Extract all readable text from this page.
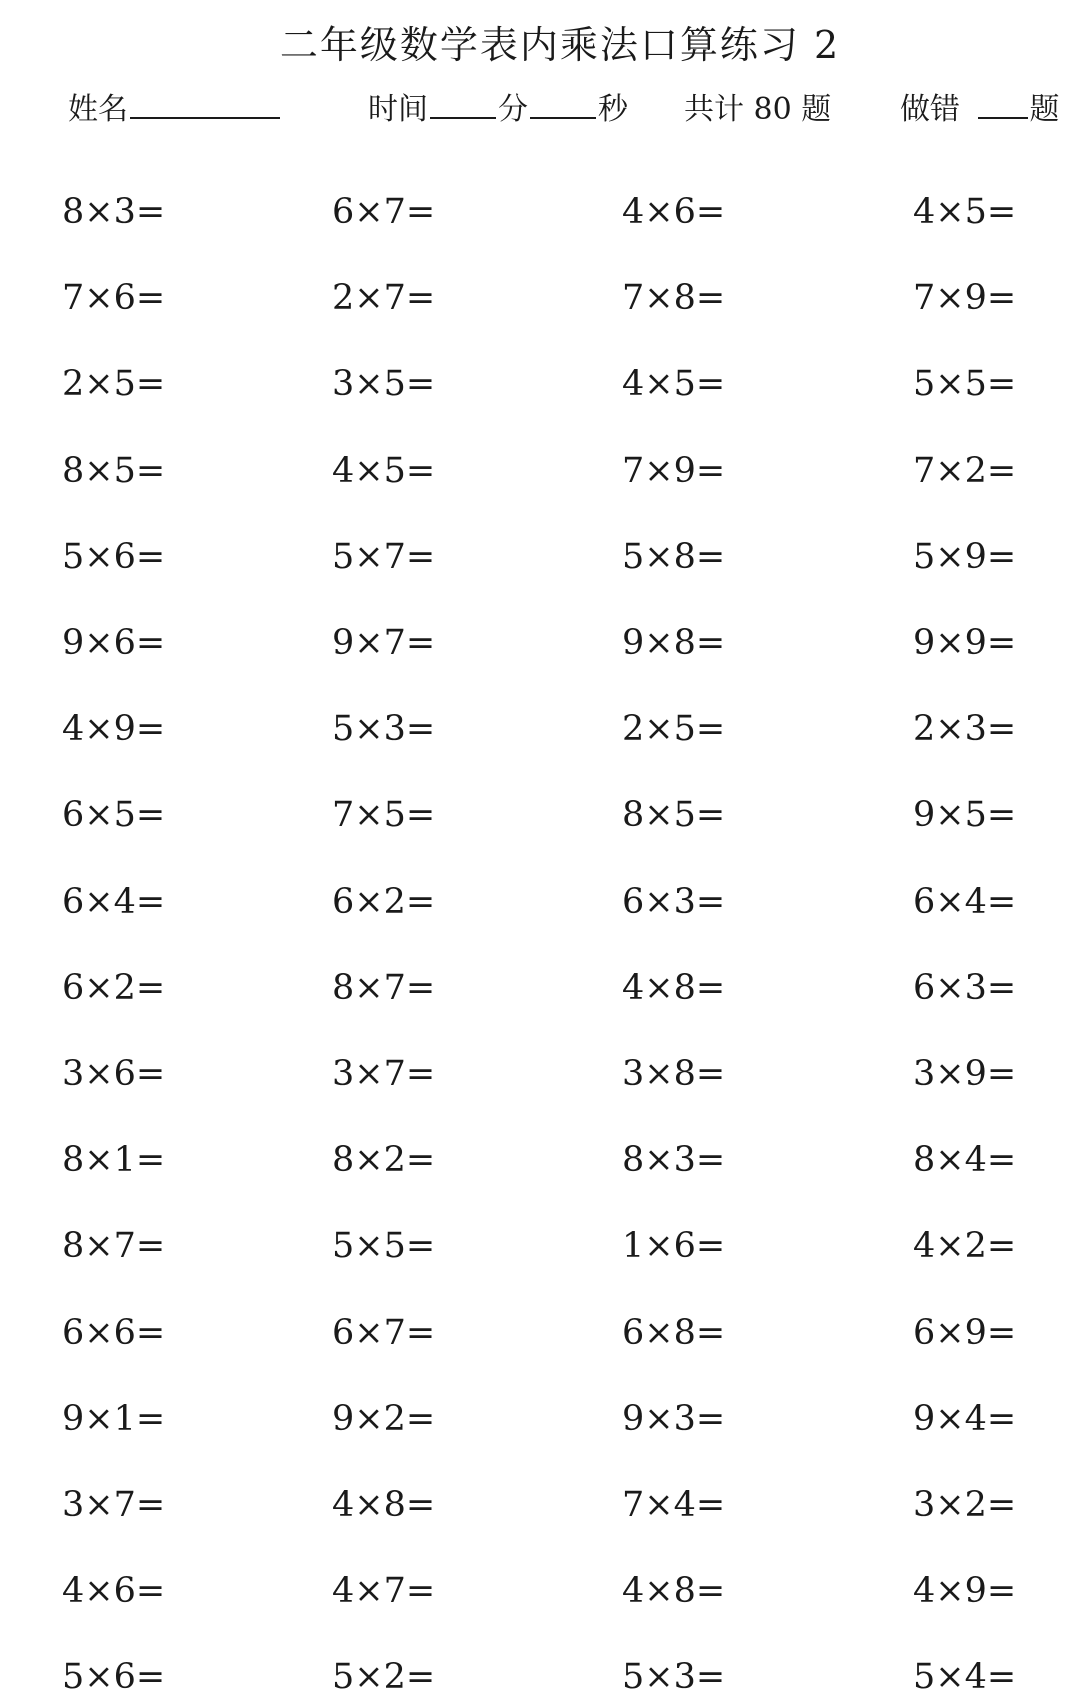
二年级数学表内乘法口算练习 2
姓名	时间 分 秒 共计 80 题 做错 题
8×3=	6×7=	4×6=	4×5=
7×6=	2×7=	7×8=	7×9=
2×5=	3×5=	4×5=	5×5=
8×5=	4×5=	7×9=	7×2=
5×6=	5×7=	5×8=	5×9=
9×6=	9×7=	9×8=	9×9=
4×9=	5×3=	2×5=	2×3=
6×5=	7×5=	8×5=	9×5=
6×4=	6×2=	6×3=	6×4=
6×2=	8×7=	4×8=	6×3=
3×6=	3×7=	3×8=	3×9=
8×1=	8×2=	8×3=	8×4=
8×7=	5×5=	1×6=	4×2=
6×6=	6×7=	6×8=	6×9=
9×1=	9×2=	9×3=	9×4=
3×7=	4×8=	7×4=	3×2=
4×6=	4×7=	4×8=	4×9=
5×6=	5×2=	5×3=	5×4=
